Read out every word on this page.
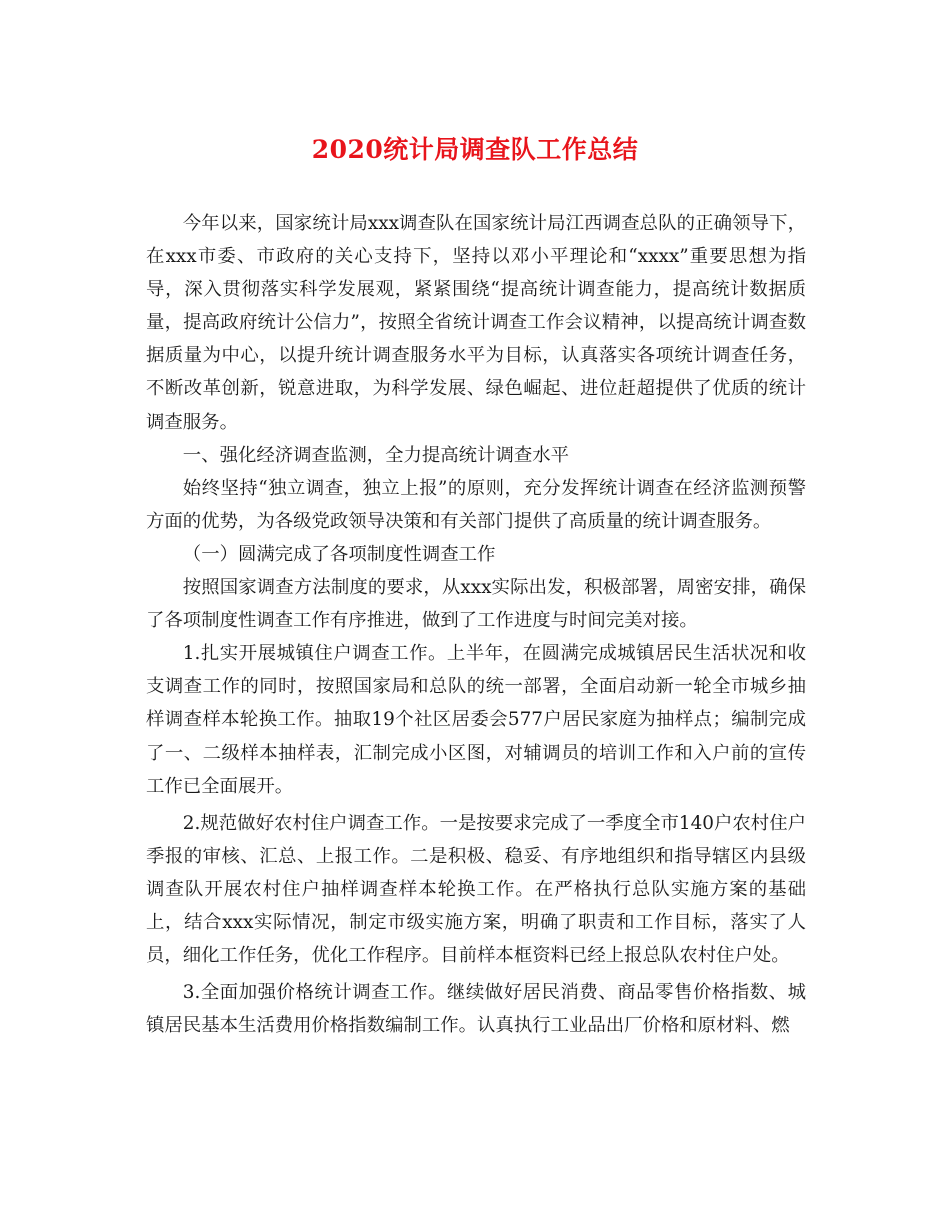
2020统计局调查队工作总结

今年以来，国家统计局xxx调查队在国家统计局江西调查总队的正确领导下，在xxx市委、市政府的关心支持下，坚持以邓小平理论和“xxxx”重要思想为指导，深入贯彻落实科学发展观，紧紧围绕“提高统计调查能力，提高统计数据质量，提高政府统计公信力”，按照全省统计调查工作会议精神，以提高统计调查数据质量为中心，以提升统计调查服务水平为目标，认真落实各项统计调查任务，不断改革创新，锐意进取，为科学发展、绿色崛起、进位赶超提供了优质的统计调查服务。

一、强化经济调查监测，全力提高统计调查水平

始终坚持“独立调查，独立上报”的原则，充分发挥统计调查在经济监测预警方面的优势，为各级党政领导决策和有关部门提供了高质量的统计调查服务。

（一）圆满完成了各项制度性调查工作

按照国家调查方法制度的要求，从xxx实际出发，积极部署，周密安排，确保了各项制度性调查工作有序推进，做到了工作进度与时间完美对接。

1.扎实开展城镇住户调查工作。上半年，在圆满完成城镇居民生活状况和收支调查工作的同时，按照国家局和总队的统一部署，全面启动新一轮全市城乡抽样调查样本轮换工作。抽取19个社区居委会577户居民家庭为抽样点；编制完成了一、二级样本抽样表，汇制完成小区图，对辅调员的培训工作和入户前的宣传工作已全面展开。

2.规范做好农村住户调查工作。一是按要求完成了一季度全市140户农村住户季报的审核、汇总、上报工作。二是积极、稳妥、有序地组织和指导辖区内县级调查队开展农村住户抽样调查样本轮换工作。在严格执行总队实施方案的基础上，结合xxx实际情况，制定市级实施方案，明确了职责和工作目标，落实了人员，细化工作任务，优化工作程序。目前样本框资料已经上报总队农村住户处。

3.全面加强价格统计调查工作。继续做好居民消费、商品零售价格指数、城镇居民基本生活费用价格指数编制工作。认真执行工业品出厂价格和原材料、燃
